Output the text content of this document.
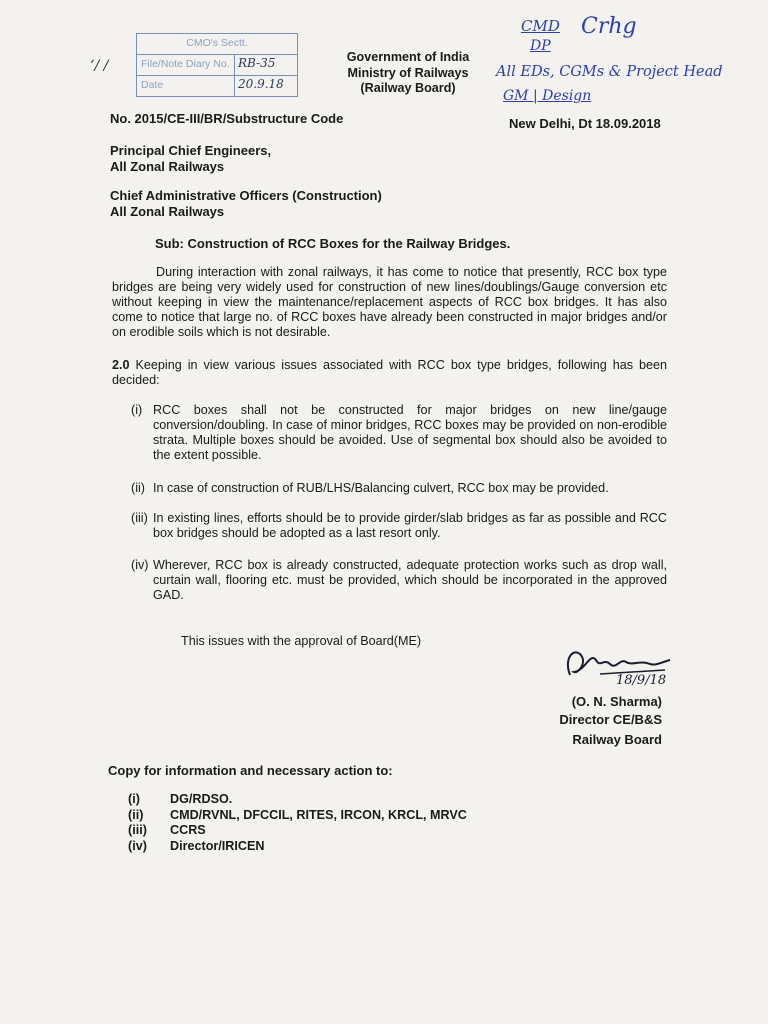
CMO's Sectt.
File/Note Diary No. RB-35
Date	20.9.18
‘/ /
Government of India
Ministry of Railways
(Railway Board)
CMD Crhg
DP
All EDs, CGMs & Project Head
GM | Design
No. 2015/CE-III/BR/Substructure Code	New Delhi, Dt 18.09.2018
Principal Chief Engineers,
All Zonal Railways
Chief Administrative Officers (Construction)
All Zonal Railways
Sub: Construction of RCC Boxes for the Railway Bridges.
During interaction with zonal railways, it has come to notice that presently, RCC box type bridges are being very widely used for construction of new lines/doublings/Gauge conversion etc without keeping in view the maintenance/replacement aspects of RCC box bridges. It has also come to notice that large no. of RCC boxes have already been constructed in major bridges and/or on erodible soils which is not desirable.
2.0 Keeping in view various issues associated with RCC box type bridges, following has been decided:
(i) RCC boxes shall not be constructed for major bridges on new line/gauge conversion/doubling. In case of minor bridges, RCC boxes may be provided on non-erodible strata. Multiple boxes should be avoided. Use of segmental box should also be avoided to the extent possible.
(ii) In case of construction of RUB/LHS/Balancing culvert, RCC box may be provided.
(iii) In existing lines, efforts should be to provide girder/slab bridges as far as possible and RCC box bridges should be adopted as a last resort only.
(iv) Wherever, RCC box is already constructed, adequate protection works such as drop wall, curtain wall, flooring etc. must be provided, which should be incorporated in the approved GAD.
This issues with the approval of Board(ME)
18/9/18
(O. N. Sharma)
Director CE/B&S
Railway Board
Copy for information and necessary action to:
(i) DG/RDSO.
(ii) CMD/RVNL, DFCCIL, RITES, IRCON, KRCL, MRVC
(iii) CCRS
(iv) Director/IRICEN
